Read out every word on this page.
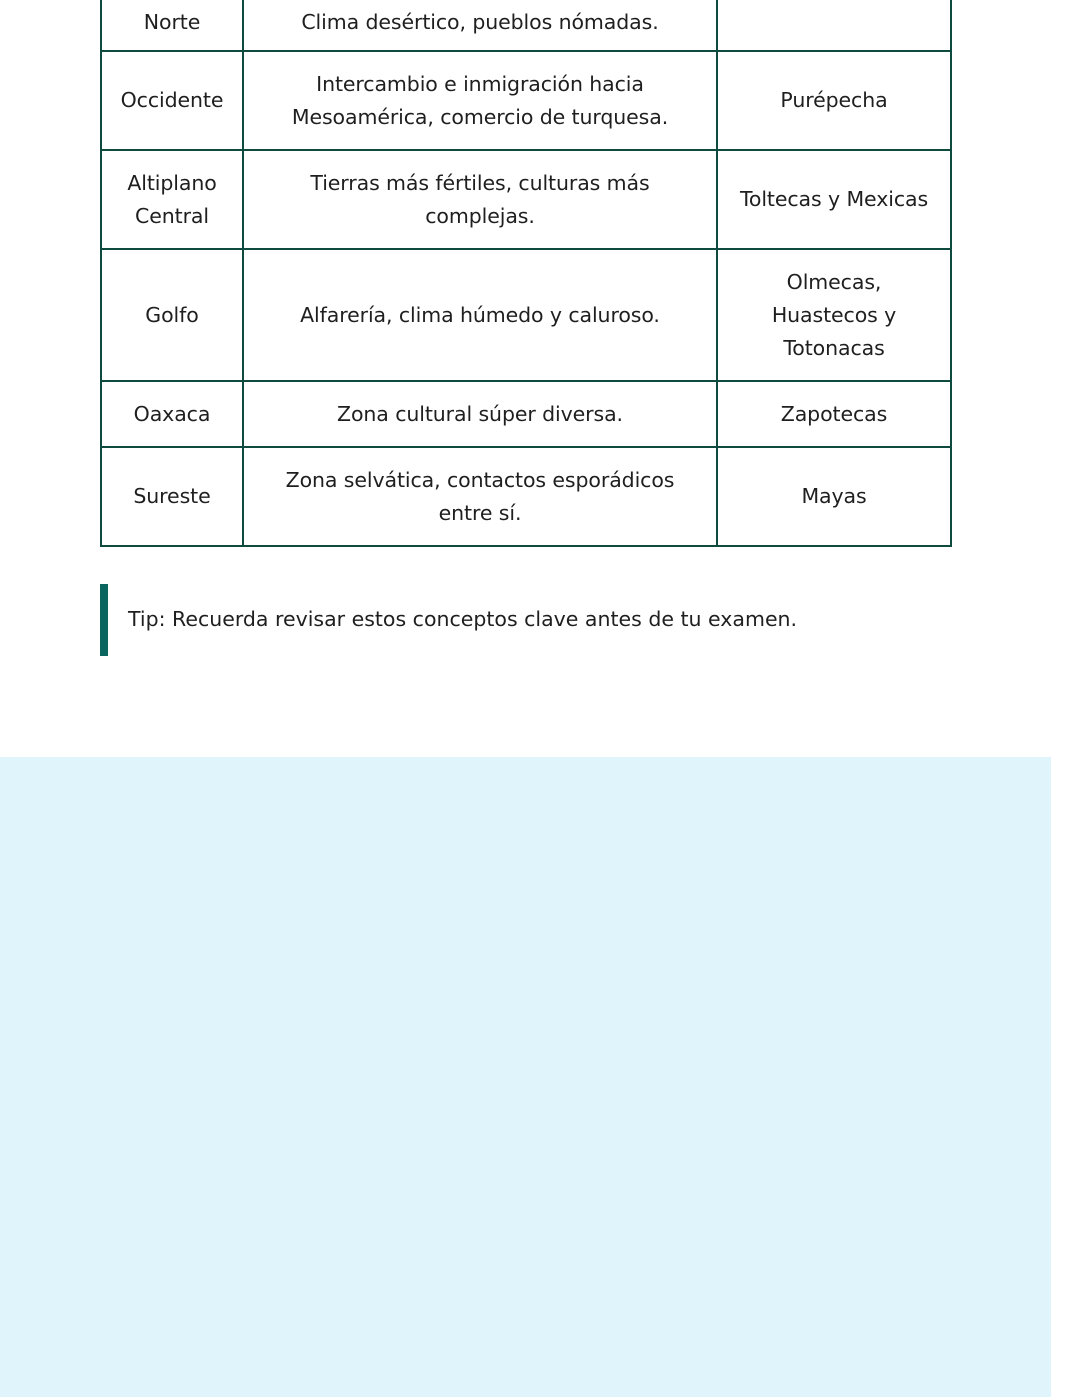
Norte	Clima desértico, pueblos nómadas.	
Occidente	Intercambio e inmigración hacia Mesoamérica, comercio de turquesa.	Purépecha
Altiplano Central	Tierras más fértiles, culturas más complejas.	Toltecas y Mexicas
Golfo	Alfarería, clima húmedo y caluroso.	Olmecas, Huastecos y Totonacas
Oaxaca	Zona cultural súper diversa.	Zapotecas
Sureste	Zona selvática, contactos esporádicos entre sí.	Mayas
Tip: Recuerda revisar estos conceptos clave antes de tu examen.
